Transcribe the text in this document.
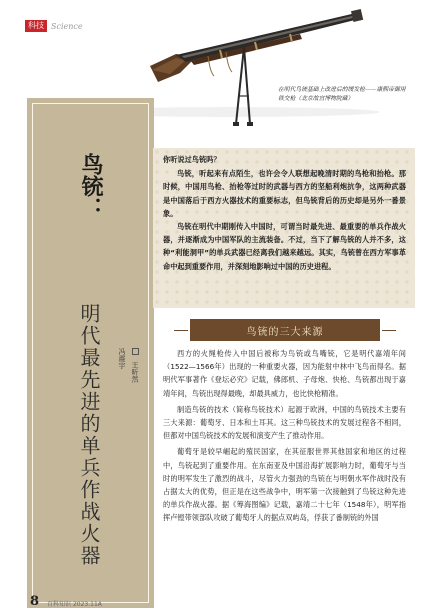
在明代鸟铳基础上改进后的缓发枪——康熙帝御用铁交枪（北京故宫博物院藏）
科技 Science
鸟铳：
明代最先进的单兵作战火器	王昕然
冯震宇

你听说过鸟铳吗？

鸟铳，听起来有点陌生，也许会令人联想起晚清时期的鸟枪和抬枪。那时候，中国用鸟枪、抬枪等过时的武器与西方的坚船利炮抗争，这两种武器是中国落后于西方火器技术的重要标志，但鸟铳背后的历史却是另外一番景象。

鸟铳在明代中期刚传入中国时，可谓当时最先进、最重要的单兵作战火器，并逐渐成为中国军队的主流装备。不过，当下了解鸟铳的人并不多，这种“利能洞甲”的单兵武器已经离我们越来越远。其实，鸟铳曾在西方军事革命中起到重要作用，并深刻地影响过中国的历史进程。

鸟铳的三大来源

西方的火绳枪传入中国后被称为鸟铳或鸟嘴铳，它是明代嘉靖年间（1522—1566年）出现的一种重要火器，因为能射中林中飞鸟而得名。据明代军事著作《登坛必究》记载，佛郎机、子母炮、快枪、鸟铳都出现于嘉靖年间，鸟铳出现得最晚，却最具威力，也比快枪精准。

制造鸟铳的技术（简称鸟铳技术）起源于欧洲，中国的鸟铳技术主要有三大来源：葡萄牙、日本和土耳其。这三种鸟铳技术的发展过程各不相同，但都对中国鸟铳技术的发展和演变产生了推动作用。

葡萄牙是较早崛起的殖民国家，在其征服世界其他国家和地区的过程中，鸟铳起到了重要作用。在东南亚及中国沿海扩展影响力时，葡萄牙与当时的明军发生了激烈的战斗，尽管火力强劲的鸟铳在与明朝水军作战时没有占据太大的优势，但正是在这些战争中，明军第一次接触到了鸟铳这种先进的单兵作战火器。据《筹海图编》记载，嘉靖二十七年（1548年），明军指挥卢镗带领部队攻破了葡萄牙人的据点双屿岛，俘获了番制铳的外国

8 百科知识 2023.11A
